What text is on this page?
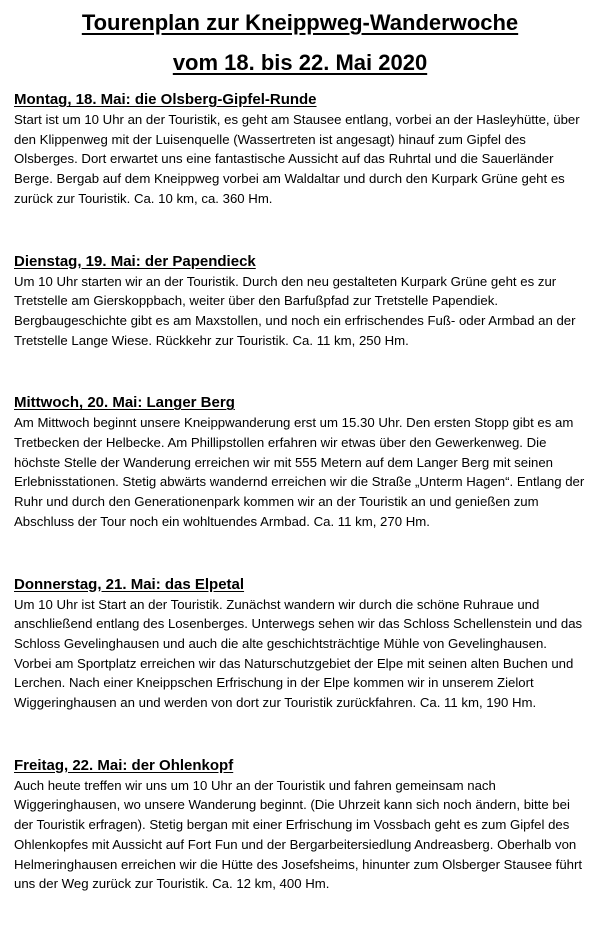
Tourenplan zur Kneippweg-Wanderwoche
vom 18. bis 22. Mai 2020
Montag, 18. Mai: die Olsberg-Gipfel-Runde

Start ist um 10 Uhr an der Touristik, es geht am Stausee entlang, vorbei an der Hasleyhütte, über den Klippenweg mit der Luisenquelle (Wassertreten ist angesagt) hinauf zum Gipfel des Olsberges. Dort erwartet uns eine fantastische Aussicht auf das Ruhrtal und die Sauerländer Berge. Bergab auf dem Kneippweg vorbei am Waldaltar und durch den Kurpark Grüne geht es zurück zur Touristik. Ca. 10 km, ca. 360 Hm.

Dienstag, 19. Mai: der Papendieck

Um 10 Uhr starten wir an der Touristik. Durch den neu gestalteten Kurpark Grüne geht es zur Tretstelle am Gierskoppbach, weiter über den Barfußpfad zur Tretstelle Papendiek. Bergbaugeschichte gibt es am Maxstollen, und noch ein erfrischendes Fuß- oder Armbad an der Tretstelle Lange Wiese. Rückkehr zur Touristik. Ca. 11 km, 250 Hm.

Mittwoch, 20. Mai: Langer Berg

Am Mittwoch beginnt unsere Kneippwanderung erst um 15.30 Uhr. Den ersten Stopp gibt es am Tretbecken der Helbecke. Am Phillipstollen erfahren wir etwas über den Gewerkenweg. Die höchste Stelle der Wanderung erreichen wir mit 555 Metern auf dem Langer Berg mit seinen Erlebnisstationen. Stetig abwärts wandernd erreichen wir die Straße „Unterm Hagen“. Entlang der Ruhr und durch den Generationenpark kommen wir an der Touristik an und genießen zum Abschluss der Tour noch ein wohltuendes Armbad. Ca. 11 km, 270 Hm.

Donnerstag, 21. Mai: das Elpetal

Um 10 Uhr ist Start an der Touristik. Zunächst wandern wir durch die schöne Ruhraue und anschließend entlang des Losenberges. Unterwegs sehen wir das Schloss Schellenstein und das Schloss Gevelinghausen und auch die alte geschichtsträchtige Mühle von Gevelinghausen. Vorbei am Sportplatz erreichen wir das Naturschutzgebiet der Elpe mit seinen alten Buchen und Lerchen. Nach einer Kneippschen Erfrischung in der Elpe kommen wir in unserem Zielort Wiggeringhausen an und werden von dort zur Touristik zurückfahren. Ca. 11 km, 190 Hm.

Freitag, 22. Mai: der Ohlenkopf

Auch heute treffen wir uns um 10 Uhr an der Touristik und fahren gemeinsam nach Wiggeringhausen, wo unsere Wanderung beginnt. (Die Uhrzeit kann sich noch ändern, bitte bei der Touristik erfragen). Stetig bergan mit einer Erfrischung im Vossbach geht es zum Gipfel des Ohlenkopfes mit Aussicht auf Fort Fun und der Bergarbeitersiedlung Andreasberg. Oberhalb von Helmeringhausen erreichen wir die Hütte des Josefsheims, hinunter zum Olsberger Stausee führt uns der Weg zurück zur Touristik. Ca. 12 km, 400 Hm.
